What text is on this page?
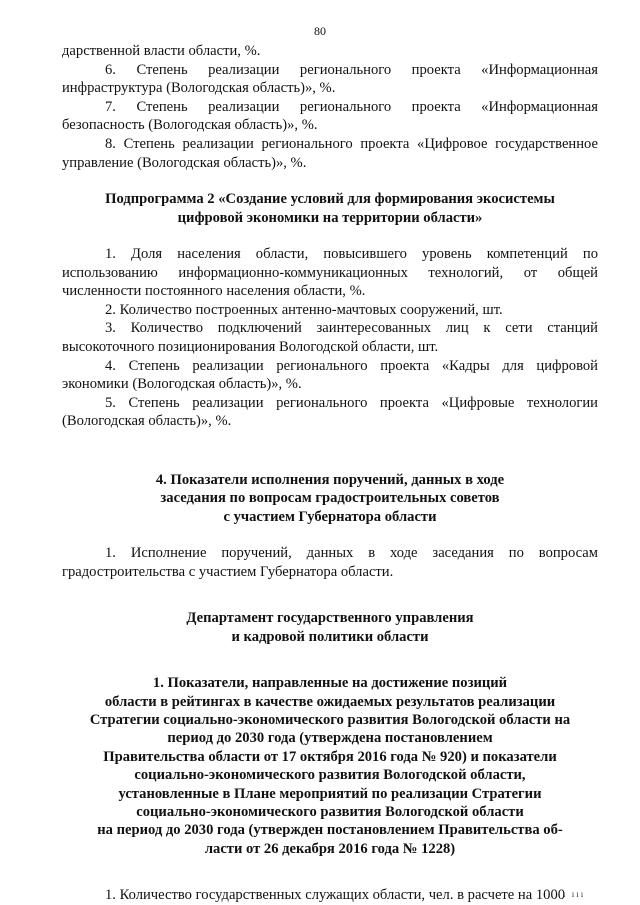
80

дарственной власти области, %.

6. Степень реализации регионального проекта «Информационная инфраструктура (Вологодская область)», %.

7. Степень реализации регионального проекта «Информационная безопасность (Вологодская область)», %.

8. Степень реализации регионального проекта «Цифровое государственное управление (Вологодская область)», %.

Подпрограмма 2 «Создание условий для формирования экосистемы цифровой экономики на территории области»

1. Доля населения области, повысившего уровень компетенций по использованию информационно-коммуникационных технологий, от общей численности постоянного населения области, %.

2. Количество построенных антенно-мачтовых сооружений, шт.

3. Количество подключений заинтересованных лиц к сети станций высокоточного позиционирования Вологодской области, шт.

4. Степень реализации регионального проекта «Кадры для цифровой экономики (Вологодская область)», %.

5. Степень реализации регионального проекта «Цифровые технологии (Вологодская область)», %.

4. Показатели исполнения поручений, данных в ходе

заседания по вопросам градостроительных советов

с участием Губернатора области

1. Исполнение поручений, данных в ходе заседания по вопросам градостроительства с участием Губернатора области.

Департамент государственного управления

и кадровой политики области

1. Показатели, направленные на достижение позиций

области в рейтингах в качестве ожидаемых результатов реализации

Стратегии социально-экономического развития Вологодской области на

период до 2030 года (утверждена постановлением

Правительства области от 17 октября 2016 года № 920) и показатели

социально-экономического развития Вологодской области,

установленные в Плане мероприятий по реализации Стратегии

социально-экономического развития Вологодской области

на период до 2030 года (утвержден постановлением Правительства об-

ласти от 26 декабря 2016 года № 1228)

1. Количество государственных служащих области, чел. в расчете на 1000

ı ııı
